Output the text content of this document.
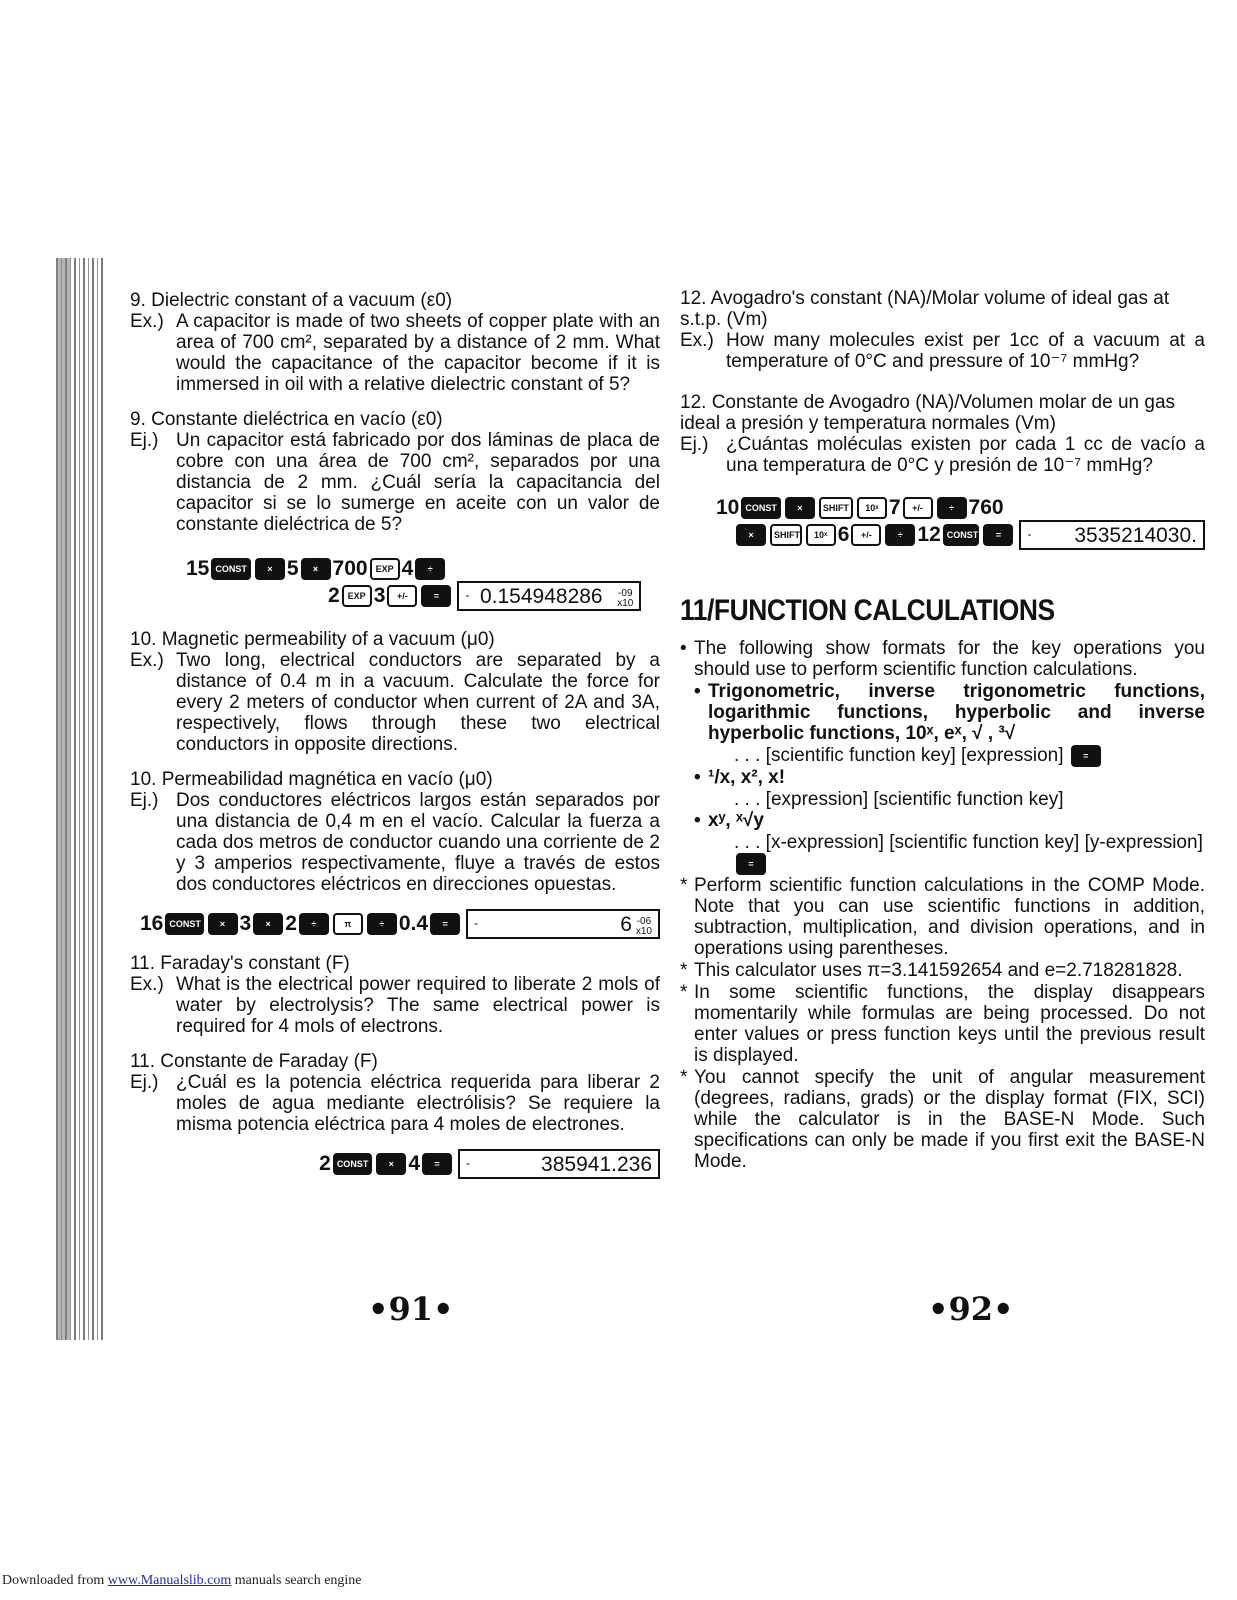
9. Dielectric constant of a vacuum (ε0)
Ex.) A capacitor is made of two sheets of copper plate with an area of 700 cm², separated by a distance of 2 mm. What would the capacitance of the capacitor become if it is immersed in oil with a relative dielectric constant of 5?
9. Constante dieléctrica en vacío (ε0)
Ej.) Un capacitor está fabricado por dos láminas de placa de cobre con una área de 700 cm², separados por una distancia de 2 mm. ¿Cuál sería la capacitancia del capacitor si se lo sumerge en aceite con un valor de constante dieléctrica de 5?
15 CONST	× 5	× 700 EXP 4	÷
2 EXP 3	+/-	=	- 0.154948286 -09
x10
10. Magnetic permeability of a vacuum (μ0)
Ex.) Two long, electrical conductors are separated by a distance of 0.4 m in a vacuum. Calculate the force for every 2 meters of conductor when current of 2A and 3A, respectively, flows through these two electrical conductors in opposite directions.
10. Permeabilidad magnética en vacío (μ0)
Ej.) Dos conductores eléctricos largos están separados por una distancia de 0,4 m en el vacío. Calcular la fuerza a cada dos metros de conductor cuando una corriente de 2 y 3 amperios respectivamente, fluye a través de estos dos conductores eléctricos en direcciones opuestas.
16 CONST	× 3	× 2	÷	π	÷ 0.4	=	-	6 -06
x10
11. Faraday's constant (F)
Ex.) What is the electrical power required to liberate 2 mols of water by electrolysis? The same electrical power is required for 4 mols of electrons.
11. Constante de Faraday (F)
Ej.) ¿Cuál es la potencia eléctrica requerida para liberar 2 moles de agua mediante electrólisis? Se requiere la misma potencia eléctrica para 4 moles de electrones.
2 CONST	× 4	=	-	385941.236
•91•
12. Avogadro's constant (NA)/Molar volume of ideal gas at s.t.p. (Vm)
Ex.) How many molecules exist per 1cc of a vacuum at a temperature of 0°C and pressure of 10⁻⁷ mmHg?
12. Constante de Avogadro (NA)/Volumen molar de un gas ideal a presión y temperatura normales (Vm)
Ej.) ¿Cuántas moléculas existen por cada 1 cc de vacío a una temperatura de 0°C y presión de 10⁻⁷ mmHg?
10 CONST	×	SHIFT	10ˣ 7	+/-	÷ 760
×	SHIFT	10ˣ 6	+/-	÷ 12 CONST	=	- 3535214030.
11/FUNCTION CALCULATIONS
• The following show formats for the key operations you should use to perform scientific function calculations.
• Trigonometric, inverse trigonometric functions, logarithmic functions, hyperbolic and inverse hyperbolic functions, 10ˣ, eˣ, √ , ³√
. . . [scientific function key] [expression] =
• ¹/x, x², x!
. . . [expression] [scientific function key]
• xʸ, ˣ√y
. . . [x-expression] [scientific function key] [y-expression] =
* Perform scientific function calculations in the COMP Mode. Note that you can use scientific functions in addition, subtraction, multiplication, and division operations, and in operations using parentheses.
* This calculator uses π=3.141592654 and e=2.718281828.
* In some scientific functions, the display disappears momentarily while formulas are being processed. Do not enter values or press function keys until the previous result is displayed.
* You cannot specify the unit of angular measurement (degrees, radians, grads) or the display format (FIX, SCI) while the calculator is in the BASE-N Mode. Such specifications can only be made if you first exit the BASE-N Mode.
•92•
Downloaded from www.Manualslib.com manuals search engine
